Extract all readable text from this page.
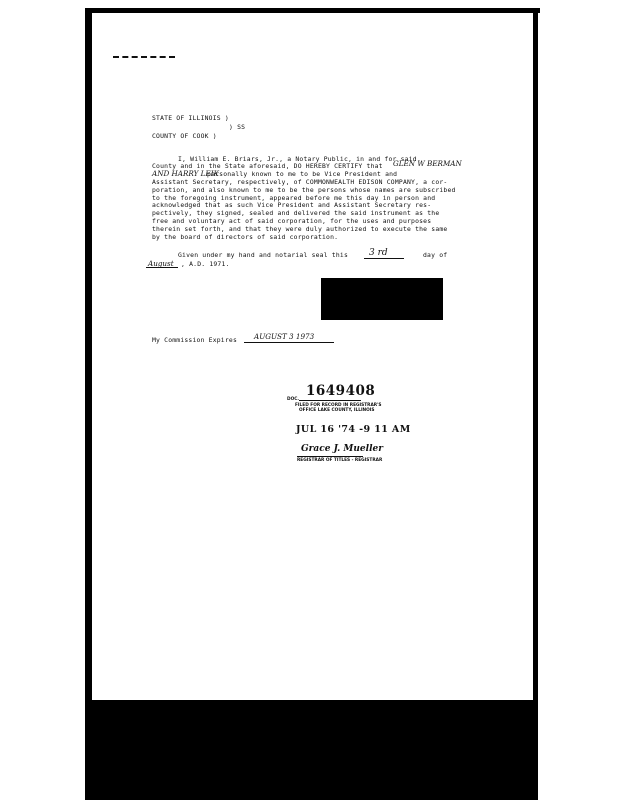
STATE OF ILLINOIS )
) SS
COUNTY OF COOK )
I, William E. Briars, Jr., a Notary Public, in and for said
County and in the State aforesaid, DO HEREBY CERTIFY that GLEN W BERMAN
AND HARRY LEIK
personally known to me to be Vice President and
Assistant Secretary, respectively, of COMMONWEALTH EDISON COMPANY, a cor-
poration, and also known to me to be the persons whose names are subscribed
to the foregoing instrument, appeared before me this day in person and
acknowledged that as such Vice President and Assistant Secretary res-
pectively, they signed, sealed and delivered the said instrument as the
free and voluntary act of said corporation, for the uses and purposes
therein set forth, and that they were duly authorized to execute the same
by the board of directors of said corporation.
Given under my hand and notarial seal this 3 rd	day of
August , A.D. 1971.
My Commission Expires AUGUST 3 1973
1649408
DOC.
FILED FOR RECORD IN REGISTRAR'S
OFFICE LAKE COUNTY, ILLINOIS
JUL 16 '74 -9 11 AM
Grace J. Mueller
REGISTRAR OF TITLES - REGISTRAR
